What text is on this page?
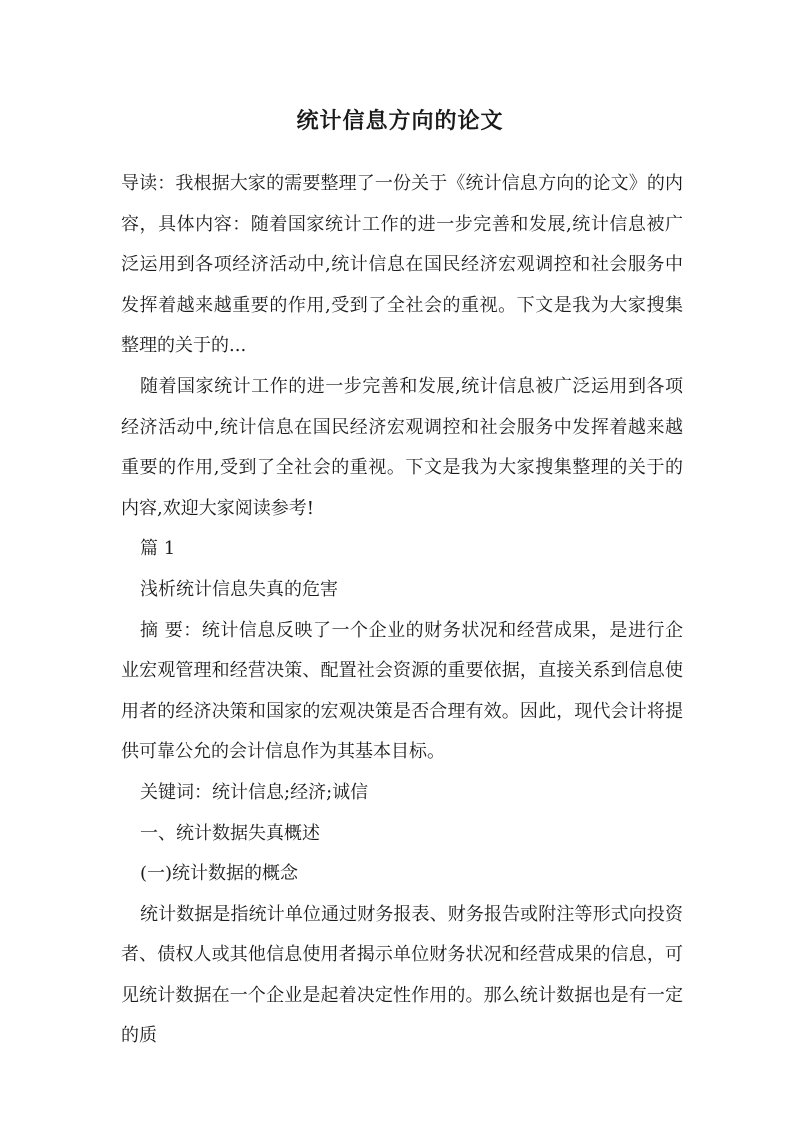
统计信息方向的论文

导读：我根据大家的需要整理了一份关于《统计信息方向的论文》的内容，具体内容：随着国家统计工作的进一步完善和发展,统计信息被广泛运用到各项经济活动中,统计信息在国民经济宏观调控和社会服务中发挥着越来越重要的作用,受到了全社会的重视。下文是我为大家搜集整理的关于的...

随着国家统计工作的进一步完善和发展,统计信息被广泛运用到各项经济活动中,统计信息在国民经济宏观调控和社会服务中发挥着越来越重要的作用,受到了全社会的重视。下文是我为大家搜集整理的关于的内容,欢迎大家阅读参考!

篇 1

浅析统计信息失真的危害

摘 要：统计信息反映了一个企业的财务状况和经营成果，是进行企业宏观管理和经营决策、配置社会资源的重要依据，直接关系到信息使用者的经济决策和国家的宏观决策是否合理有效。因此，现代会计将提供可靠公允的会计信息作为其基本目标。

关键词：统计信息;经济;诚信

一、统计数据失真概述

(一)统计数据的概念

统计数据是指统计单位通过财务报表、财务报告或附注等形式向投资者、债权人或其他信息使用者揭示单位财务状况和经营成果的信息，可见统计数据在一个企业是起着决定性作用的。那么统计数据也是有一定的质
